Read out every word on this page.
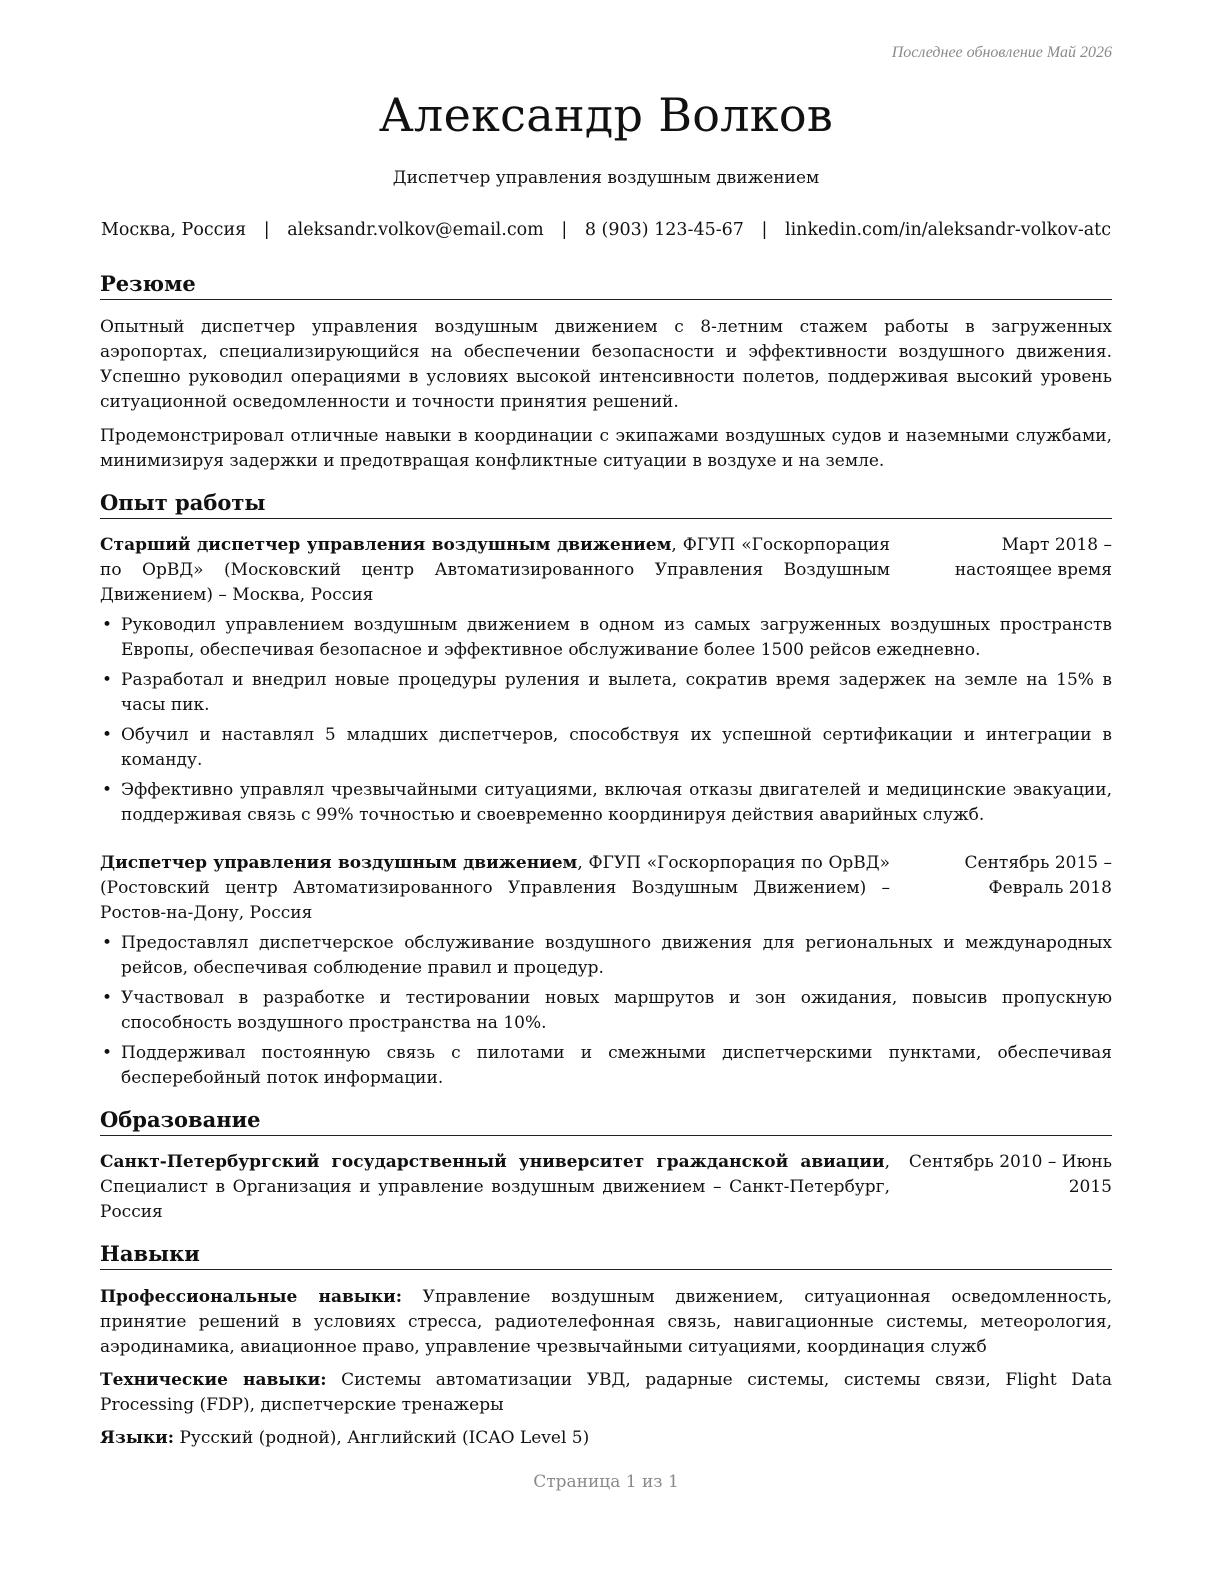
Последнее обновление Май 2026
Александр Волков
Диспетчер управления воздушным движением
Москва, Россия | aleksandr.volkov@email.com | 8 (903) 123-45-67 | linkedin.com/in/aleksandr-volkov-atc
Резюме

Опытный диспетчер управления воздушным движением с 8-летним стажем работы в загруженных аэропортах, специализирующийся на обеспечении безопасности и эффективности воздушного движения. Успешно руководил операциями в условиях высокой интенсивности полетов, поддерживая высокий уровень ситуационной осведомленности и точности принятия решений.

Продемонстрировал отличные навыки в координации с экипажами воздушных судов и наземными службами, минимизируя задержки и предотвращая конфликтные ситуации в воздухе и на земле.

Опыт работы
Старший диспетчер управления воздушным движением, ФГУП «Госкорпорация по ОрВД» (Московский центр Автоматизированного Управления Воздушным Движением) – Москва, Россия
Март 2018 – настоящее время
• Руководил управлением воздушным движением в одном из самых загруженных воздушных пространств Европы, обеспечивая безопасное и эффективное обслуживание более 1500 рейсов ежедневно.
• Разработал и внедрил новые процедуры руления и вылета, сократив время задержек на земле на 15% в часы пик.
• Обучил и наставлял 5 младших диспетчеров, способствуя их успешной сертификации и интеграции в команду.
• Эффективно управлял чрезвычайными ситуациями, включая отказы двигателей и медицинские эвакуации, поддерживая связь с 99% точностью и своевременно координируя действия аварийных служб.
Диспетчер управления воздушным движением, ФГУП «Госкорпорация по ОрВД» (Ростовский центр Автоматизированного Управления Воздушным Движением) – Ростов-на-Дону, Россия
Сентябрь 2015 – Февраль 2018
• Предоставлял диспетчерское обслуживание воздушного движения для региональных и международных рейсов, обеспечивая соблюдение правил и процедур.
• Участвовал в разработке и тестировании новых маршрутов и зон ожидания, повысив пропускную способность воздушного пространства на 10%.
• Поддерживал постоянную связь с пилотами и смежными диспетчерскими пунктами, обеспечивая бесперебойный поток информации.
Образование
Санкт-Петербургский государственный университет гражданской авиации, Специалист в Организация и управление воздушным движением – Санкт-Петербург, Россия
Сентябрь 2010 – Июнь 2015
Навыки

Профессиональные навыки: Управление воздушным движением, ситуационная осведомленность, принятие решений в условиях стресса, радиотелефонная связь, навигационные системы, метеорология, аэродинамика, авиационное право, управление чрезвычайными ситуациями, координация служб

Технические навыки: Системы автоматизации УВД, радарные системы, системы связи, Flight Data Processing (FDP), диспетчерские тренажеры

Языки: Русский (родной), Английский (ICAO Level 5)

Страница 1 из 1
